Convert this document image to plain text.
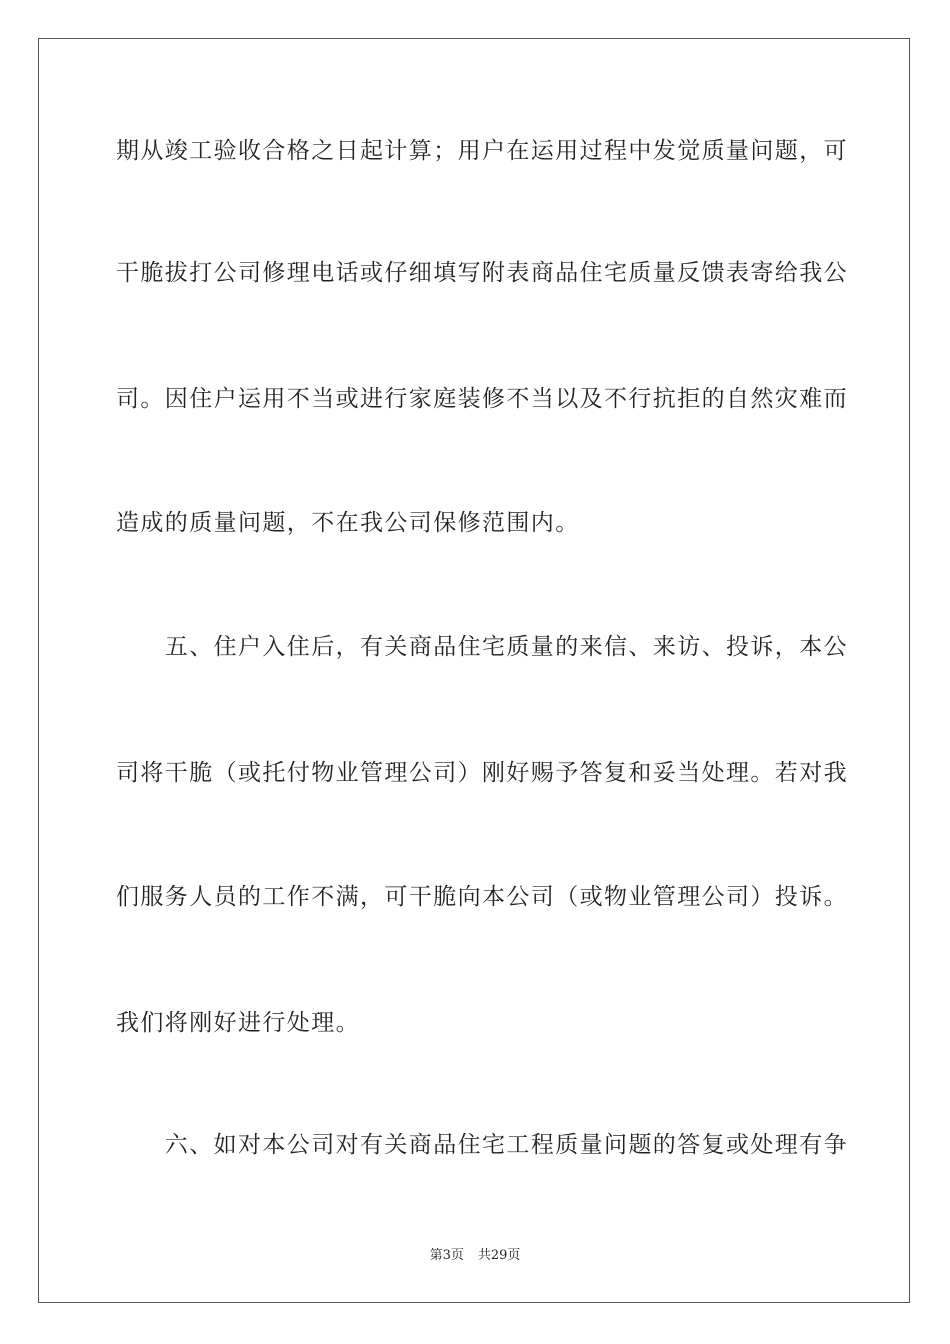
期从竣工验收合格之日起计算；用户在运用过程中发觉质量问题，可
干脆拔打公司修理电话或仔细填写附表商品住宅质量反馈表寄给我公
司。因住户运用不当或进行家庭装修不当以及不行抗拒的自然灾难而
造成的质量问题，不在我公司保修范围内。
　　五、住户入住后，有关商品住宅质量的来信、来访、投诉，本公
司将干脆（或托付物业管理公司）刚好赐予答复和妥当处理。若对我
们服务人员的工作不满，可干脆向本公司（或物业管理公司）投诉。
我们将刚好进行处理。
　　六、如对本公司对有关商品住宅工程质量问题的答复或处理有争
第3页 共29页
